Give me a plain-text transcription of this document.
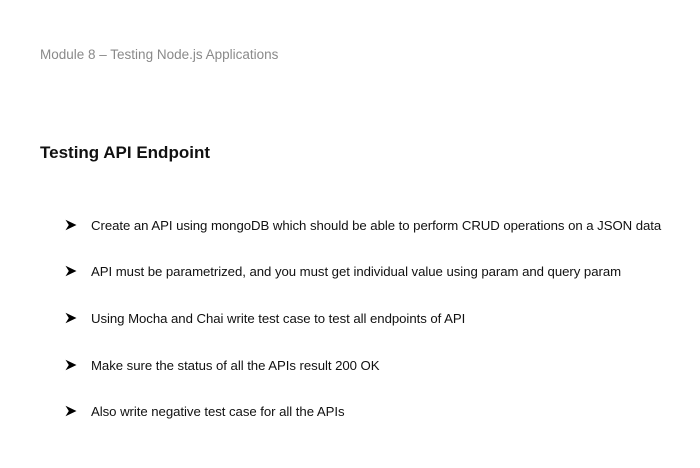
Module 8 – Testing Node.js Applications
Testing API Endpoint
Create an API using mongoDB which should be able to perform CRUD operations on a JSON data
API must be parametrized, and you must get individual value using param and query param
Using Mocha and Chai write test case to test all endpoints of API
Make sure the status of all the APIs result 200 OK
Also write negative test case for all the APIs
